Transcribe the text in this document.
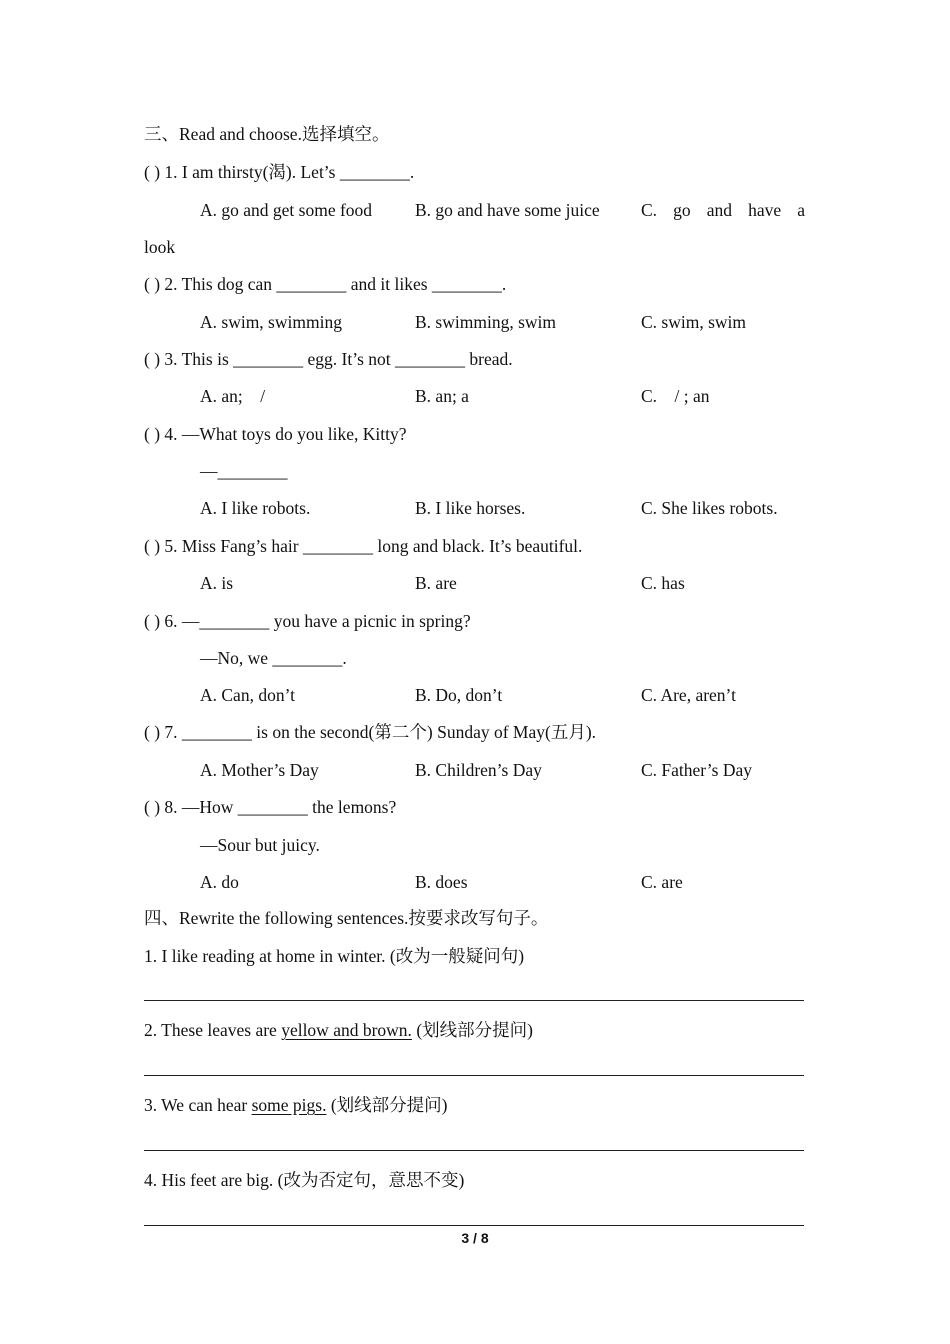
三、Read and choose.选择填空。
( ) 1. I am thirsty(渴). Let’s ________.
A. go and get some food B. go and have some juice C. go and have a
look
( ) 2. This dog can ________ and it likes ________.
A. swim, swimming	B. swimming, swim	C. swim, swim
( ) 3. This is ________ egg. It’s not ________ bread.
A. an;    /	B. an; a	C.    / ; an
( ) 4. —What toys do you like, Kitty?
—________
A. I like robots.	B. I like horses.	C. She likes robots.
( ) 5. Miss Fang’s hair ________ long and black. It’s beautiful.
A. is	B. are	C. has
( ) 6. —________ you have a picnic in spring?
—No, we ________.
A. Can, don’t	B. Do, don’t	C. Are, aren’t
( ) 7. ________ is on the second(第二个) Sunday of May(五月).
A. Mother’s Day	B. Children’s Day	C. Father’s Day
( ) 8. —How ________ the lemons?
—Sour but juicy.
A. do	B. does	C. are
四、Rewrite the following sentences.按要求改写句子。
1. I like reading at home in winter. (改为一般疑问句)
2. These leaves are yellow and brown. (划线部分提问)
3. We can hear some pigs. (划线部分提问)
4. His feet are big. (改为否定句，意思不变)
3 / 8
